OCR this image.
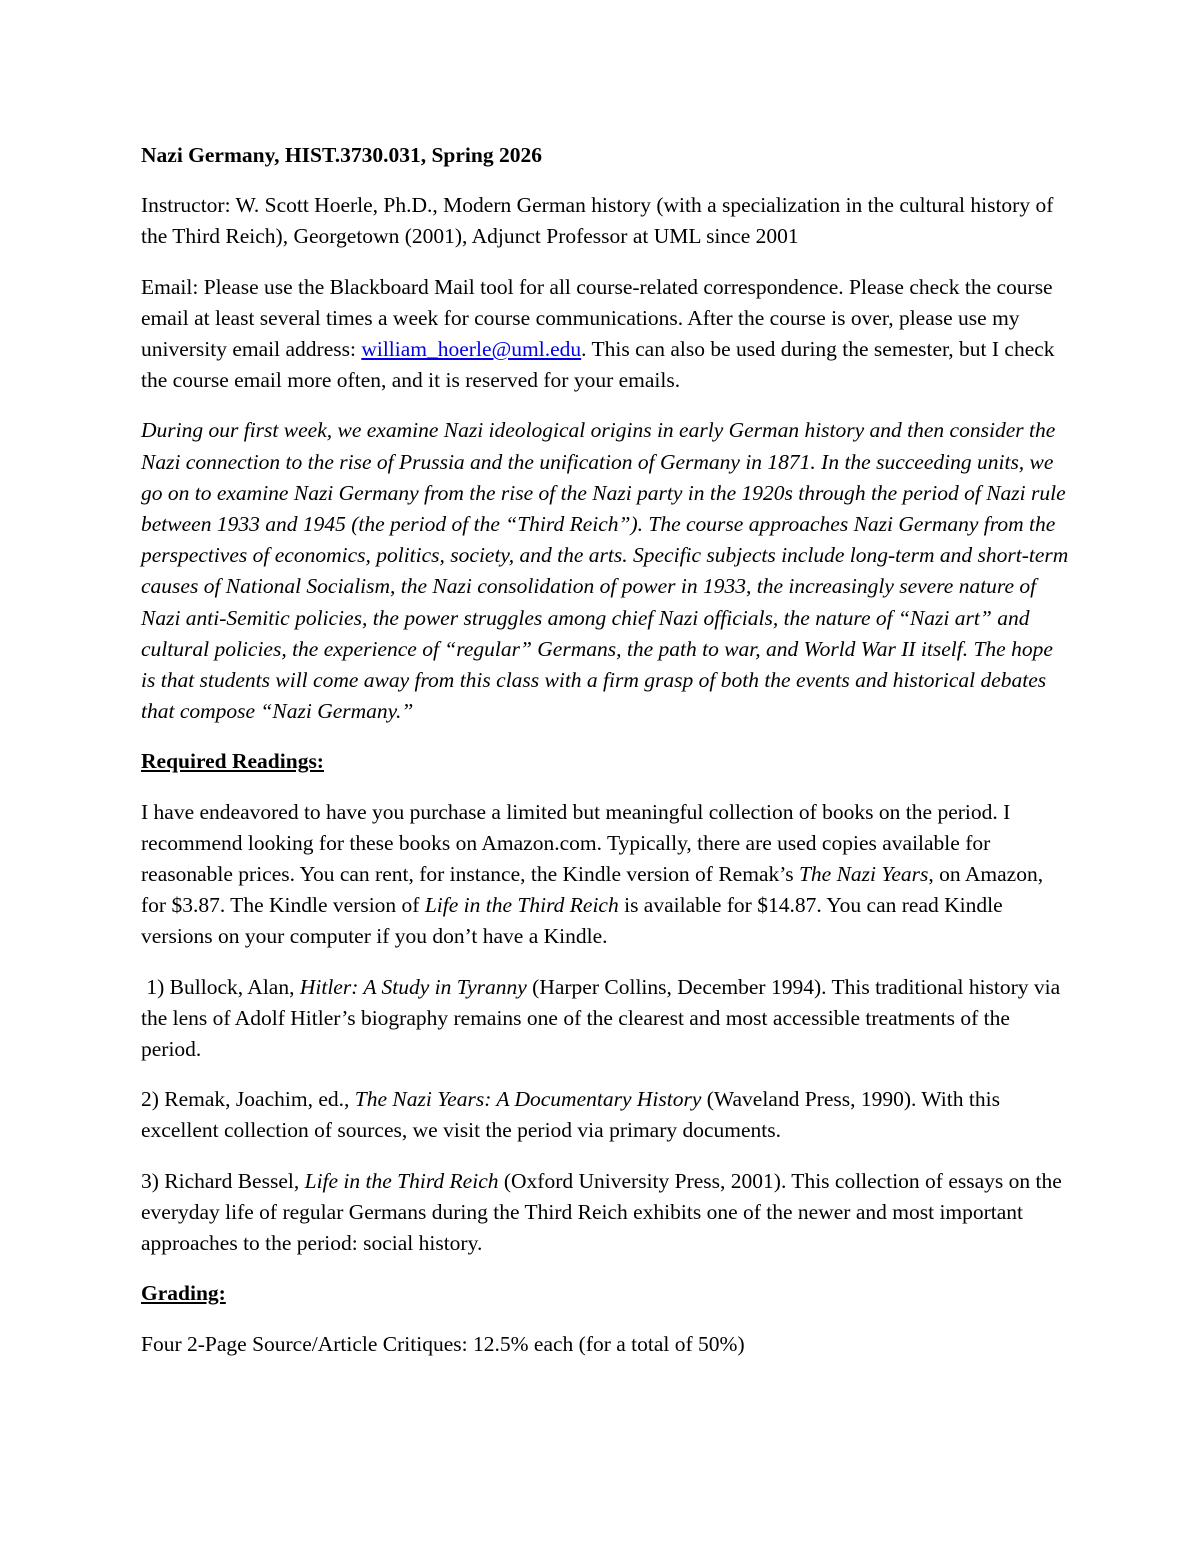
Nazi Germany, HIST.3730.031, Spring 2026

Instructor: W. Scott Hoerle, Ph.D., Modern German history (with a specialization in the cultural history of the Third Reich), Georgetown (2001), Adjunct Professor at UML since 2001

Email: Please use the Blackboard Mail tool for all course-related correspondence. Please check the course email at least several times a week for course communications. After the course is over, please use my university email address: william_hoerle@uml.edu. This can also be used during the semester, but I check the course email more often, and it is reserved for your emails.

During our first week, we examine Nazi ideological origins in early German history and then consider the Nazi connection to the rise of Prussia and the unification of Germany in 1871. In the succeeding units, we go on to examine Nazi Germany from the rise of the Nazi party in the 1920s through the period of Nazi rule between 1933 and 1945 (the period of the “Third Reich”). The course approaches Nazi Germany from the perspectives of economics, politics, society, and the arts. Specific subjects include long-term and short-term causes of National Socialism, the Nazi consolidation of power in 1933, the increasingly severe nature of Nazi anti-Semitic policies, the power struggles among chief Nazi officials, the nature of “Nazi art” and cultural policies, the experience of “regular” Germans, the path to war, and World War II itself. The hope is that students will come away from this class with a firm grasp of both the events and historical debates that compose “Nazi Germany.”

Required Readings:

I have endeavored to have you purchase a limited but meaningful collection of books on the period. I recommend looking for these books on Amazon.com. Typically, there are used copies available for reasonable prices. You can rent, for instance, the Kindle version of Remak’s The Nazi Years, on Amazon, for $3.87. The Kindle version of Life in the Third Reich is available for $14.87. You can read Kindle versions on your computer if you don’t have a Kindle.

1) Bullock, Alan, Hitler: A Study in Tyranny (Harper Collins, December 1994). This traditional history via the lens of Adolf Hitler’s biography remains one of the clearest and most accessible treatments of the period.

2) Remak, Joachim, ed., The Nazi Years: A Documentary History (Waveland Press, 1990). With this excellent collection of sources, we visit the period via primary documents.

3) Richard Bessel, Life in the Third Reich (Oxford University Press, 2001). This collection of essays on the everyday life of regular Germans during the Third Reich exhibits one of the newer and most important approaches to the period: social history.

Grading:

Four 2-Page Source/Article Critiques: 12.5% each (for a total of 50%)
